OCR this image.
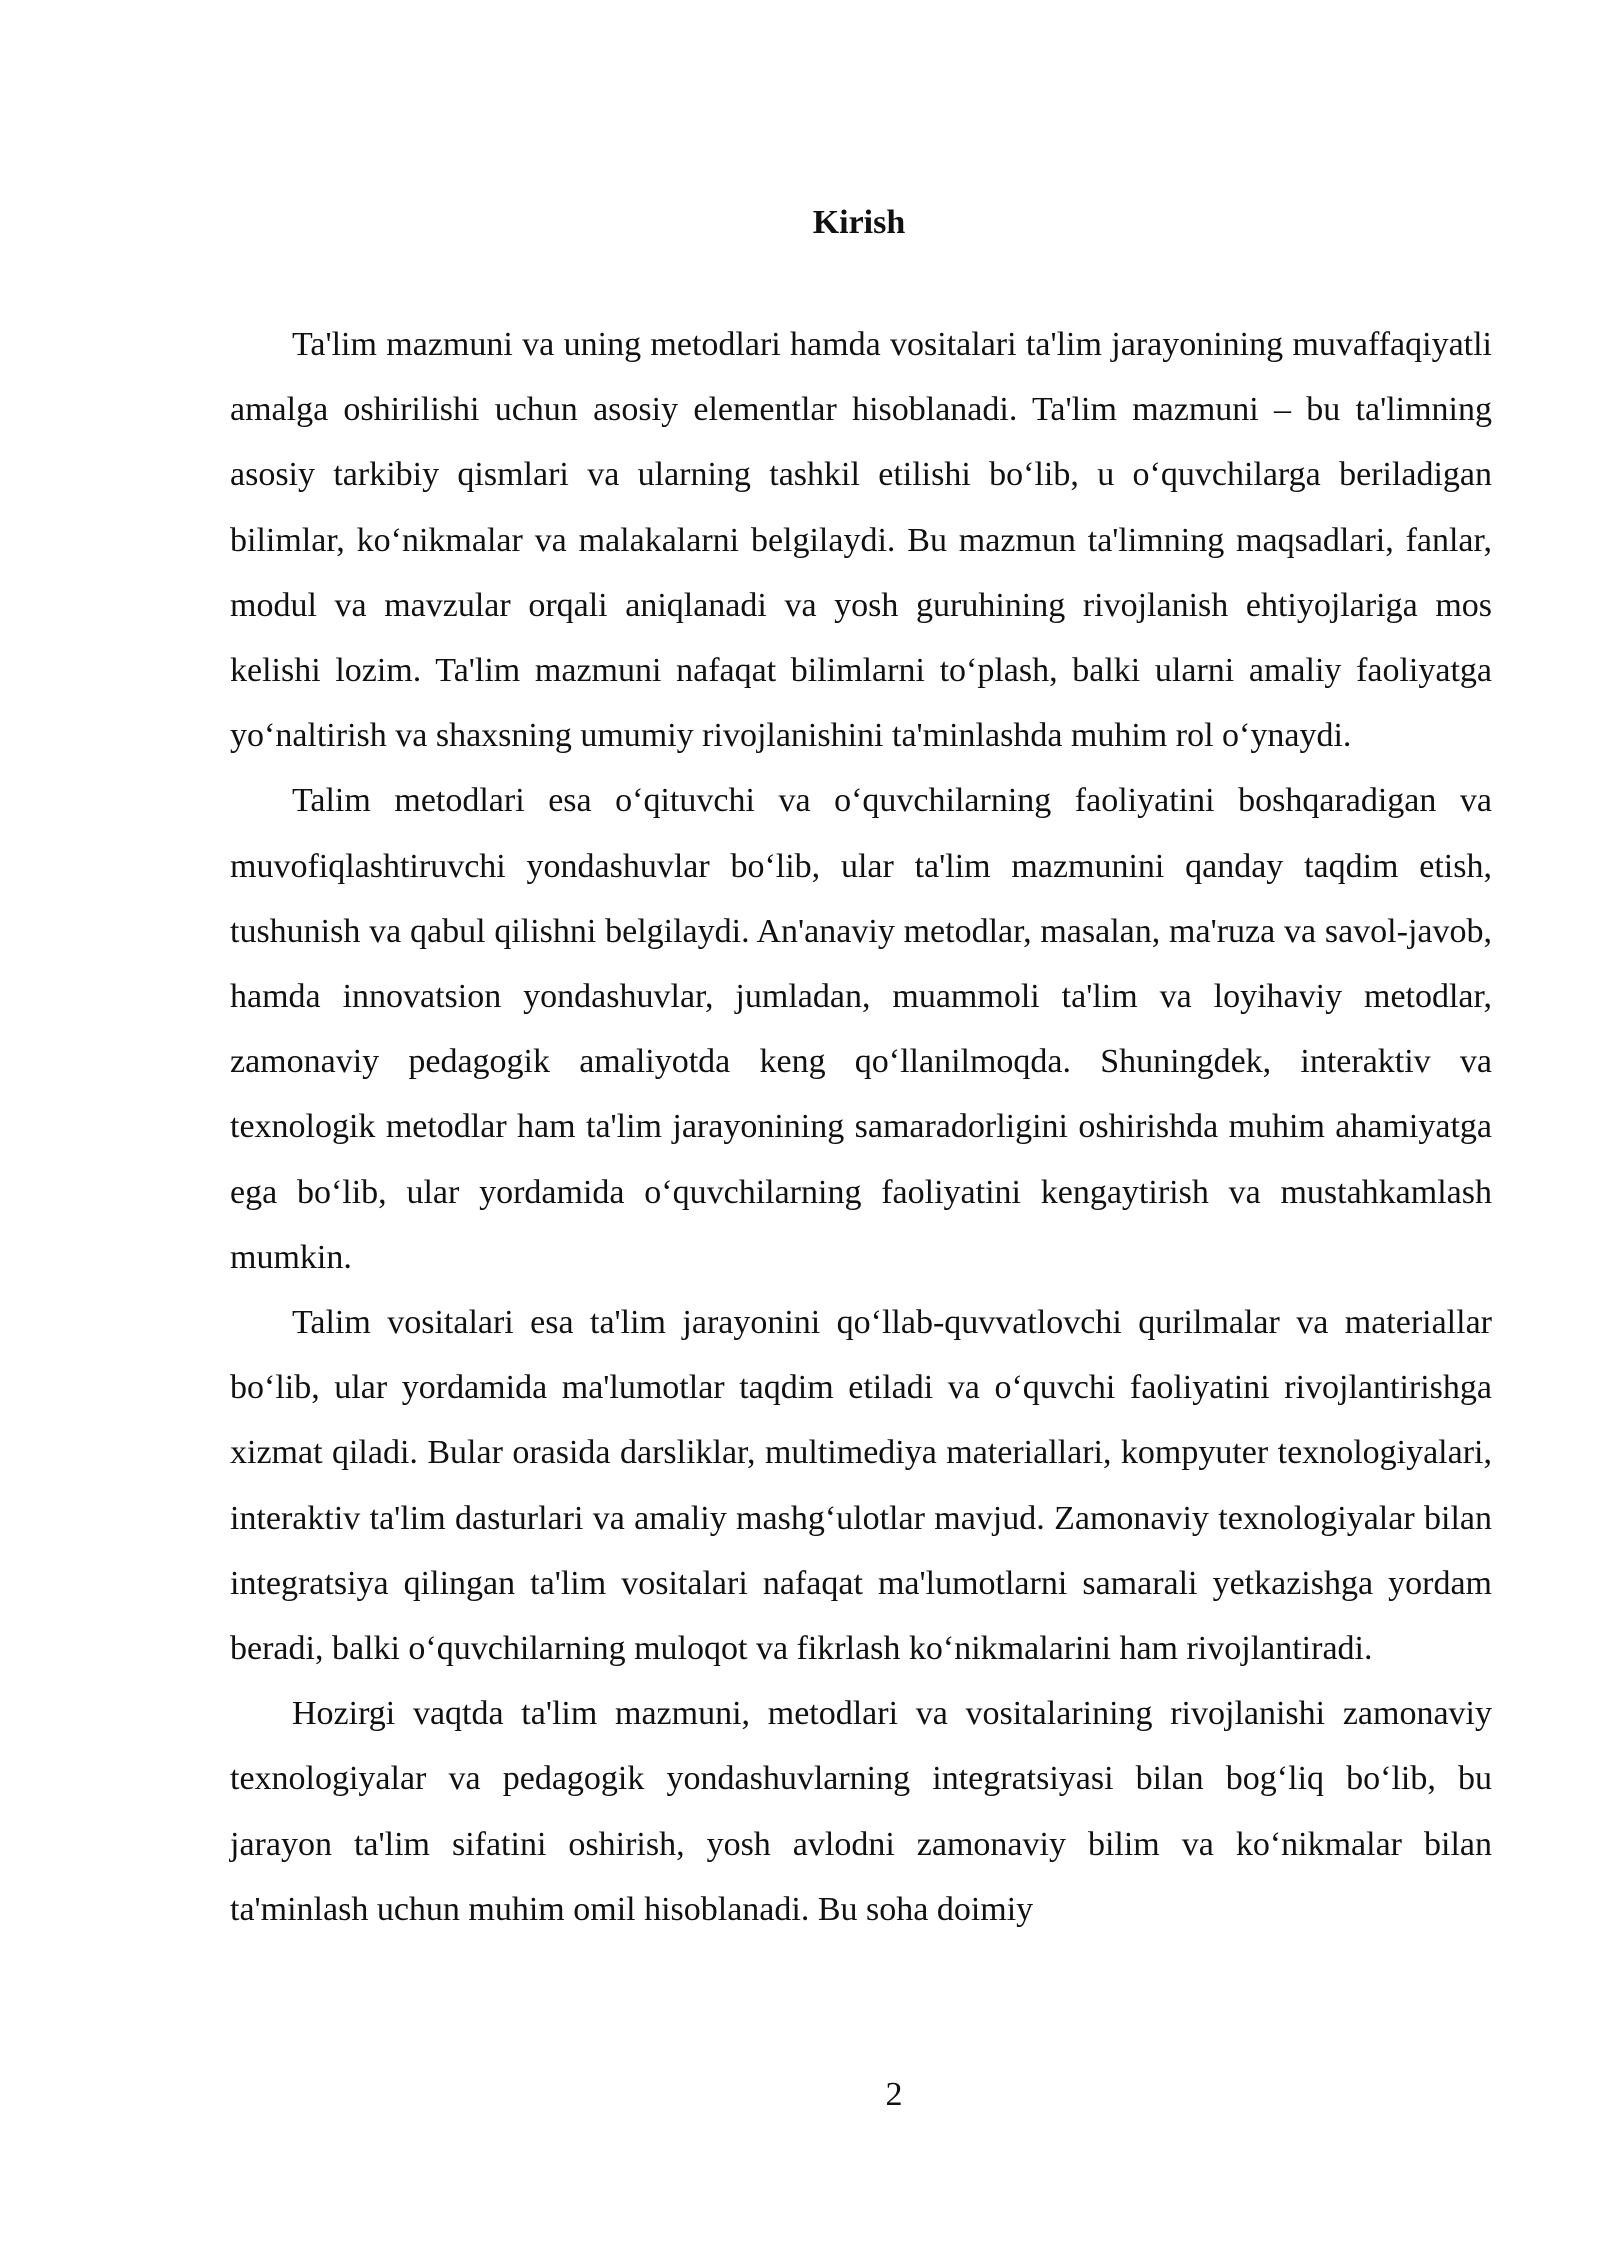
Kirish

Ta'lim mazmuni va uning metodlari hamda vositalari ta'lim jarayonining muvaffaqiyatli amalga oshirilishi uchun asosiy elementlar hisoblanadi. Ta'lim mazmuni – bu ta'limning asosiy tarkibiy qismlari va ularning tashkil etilishi boʻlib, u oʻquvchilarga beriladigan bilimlar, koʻnikmalar va malakalarni belgilaydi. Bu mazmun ta'limning maqsadlari, fanlar, modul va mavzular orqali aniqlanadi va yosh guruhining rivojlanish ehtiyojlariga mos kelishi lozim. Ta'lim mazmuni nafaqat bilimlarni toʻplash, balki ularni amaliy faoliyatga yoʻnaltirish va shaxsning umumiy rivojlanishini ta'minlashda muhim rol oʻynaydi.

Talim metodlari esa oʻqituvchi va oʻquvchilarning faoliyatini boshqaradigan va muvofiqlashtiruvchi yondashuvlar boʻlib, ular ta'lim mazmunini qanday taqdim etish, tushunish va qabul qilishni belgilaydi. An'anaviy metodlar, masalan, ma'ruza va savol-javob, hamda innovatsion yondashuvlar, jumladan, muammoli ta'lim va loyihaviy metodlar, zamonaviy pedagogik amaliyotda keng qoʻllanilmoqda. Shuningdek, interaktiv va texnologik metodlar ham ta'lim jarayonining samaradorligini oshirishda muhim ahamiyatga ega boʻlib, ular yordamida oʻquvchilarning faoliyatini kengaytirish va mustahkamlash mumkin.

Talim vositalari esa ta'lim jarayonini qoʻllab-quvvatlovchi qurilmalar va materiallar boʻlib, ular yordamida ma'lumotlar taqdim etiladi va oʻquvchi faoliyatini rivojlantirishga xizmat qiladi. Bular orasida darsliklar, multimediya materiallari, kompyuter texnologiyalari, interaktiv ta'lim dasturlari va amaliy mashgʻulotlar mavjud. Zamonaviy texnologiyalar bilan integratsiya qilingan ta'lim vositalari nafaqat ma'lumotlarni samarali yetkazishga yordam beradi, balki oʻquvchilarning muloqot va fikrlash koʻnikmalarini ham rivojlantiradi.

Hozirgi vaqtda ta'lim mazmuni, metodlari va vositalarining rivojlanishi zamonaviy texnologiyalar va pedagogik yondashuvlarning integratsiyasi bilan bogʻliq boʻlib, bu jarayon ta'lim sifatini oshirish, yosh avlodni zamonaviy bilim va koʻnikmalar bilan ta'minlash uchun muhim omil hisoblanadi. Bu soha doimiy

2
